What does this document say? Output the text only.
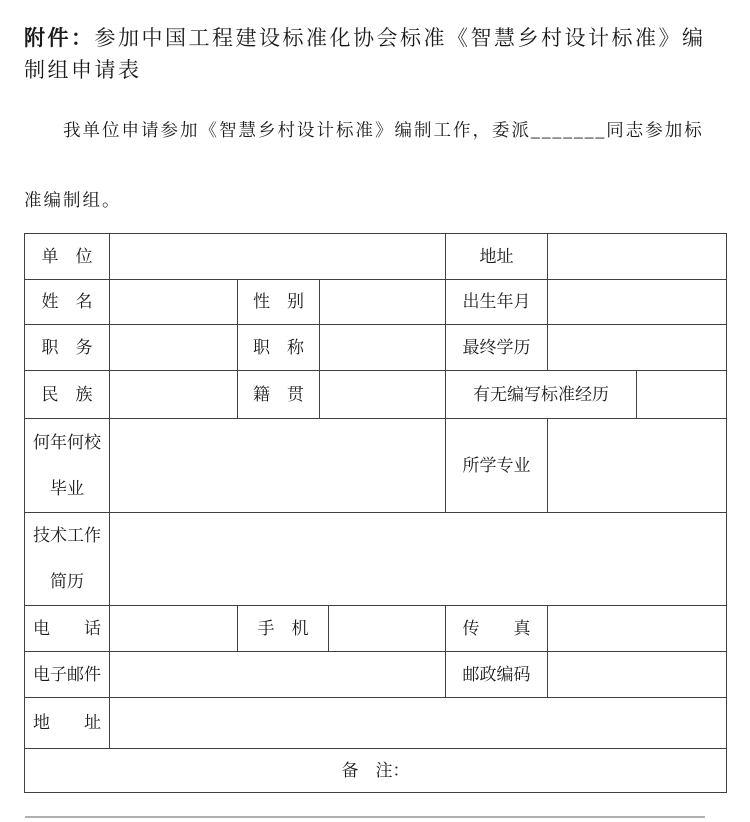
附件：参加中国工程建设标准化协会标准《智慧乡村设计标准》编制组申请表

我单位申请参加《智慧乡村设计标准》编制工作，委派_______同志参加标
准编制组。

单　位					地址		
姓　名		性　别			出生年月		
职　务		职　称			最终学历		
民　族		籍　贯			有无编写标准经历		
何年何校毕业					所学专业		
技术工作简历							
电　　话		手　机			传　　真		
电子邮件					邮政编码		
地　　址							
备　注：							
